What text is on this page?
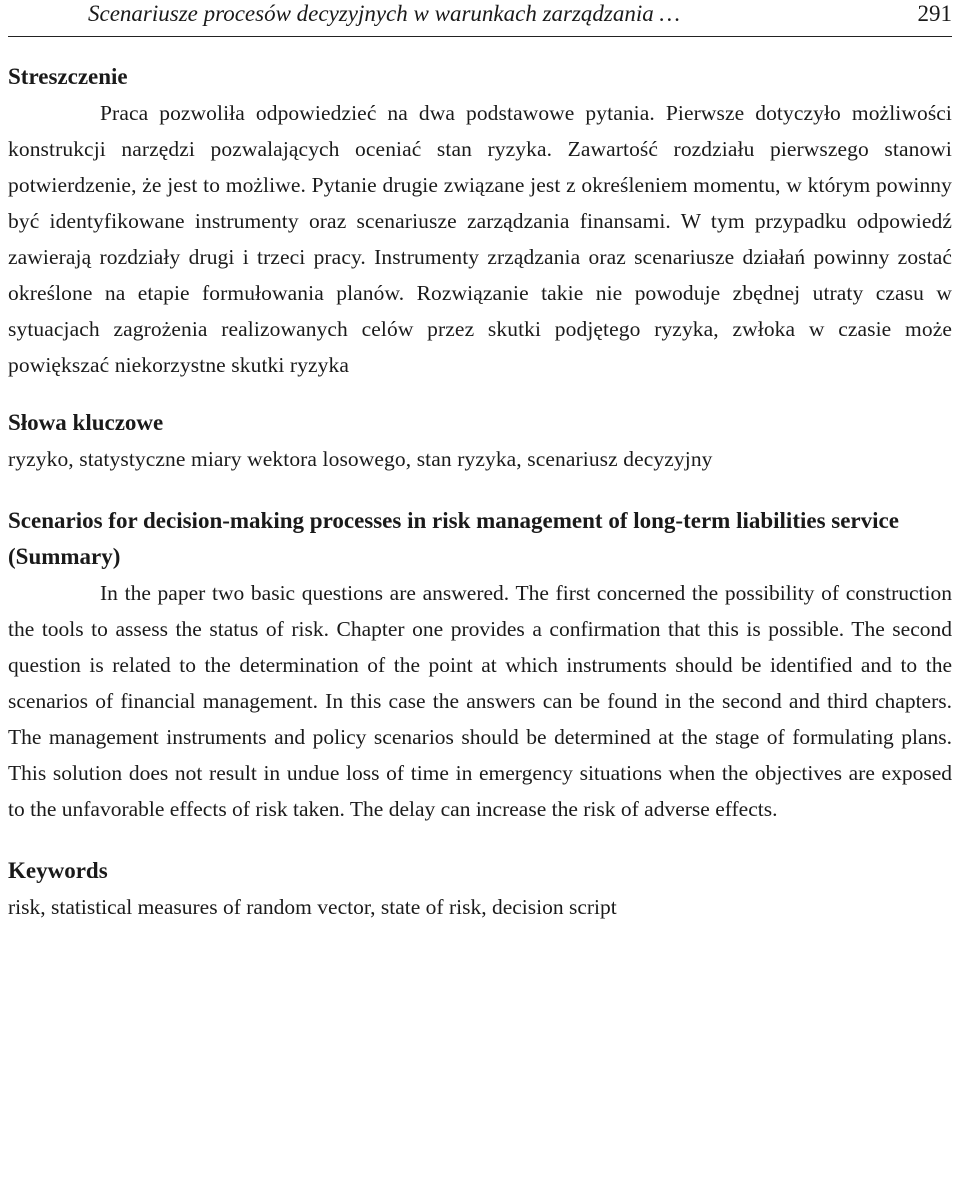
Scenariusze procesów decyzyjnych w warunkach zarządzania …	291
Streszczenie

Praca pozwoliła odpowiedzieć na dwa podstawowe pytania. Pierwsze dotyczyło możliwości konstrukcji narzędzi pozwalających oceniać stan ryzyka. Zawartość rozdziału pierwszego stanowi potwierdzenie, że jest to możliwe. Pytanie drugie związane jest z określeniem momentu, w którym powinny być identyfikowane instrumenty oraz scenariusze zarządzania finansami. W tym przypadku odpowiedź zawierają rozdziały drugi i trzeci pracy. Instrumenty zrządzania oraz scenariusze działań powinny zostać określone na etapie formułowania planów. Rozwiązanie takie nie powoduje zbędnej utraty czasu w sytuacjach zagrożenia realizowanych celów przez skutki podjętego ryzyka, zwłoka w czasie może powiększać niekorzystne skutki ryzyka

Słowa kluczowe

ryzyko, statystyczne miary wektora losowego, stan ryzyka, scenariusz decyzyjny

Scenarios for decision-making processes in risk management of long-term liabilities service (Summary)

In the paper two basic questions are answered. The first concerned the possibility of construction the tools to assess the status of risk. Chapter one provides a confirmation that this is possible. The second question is related to the determination of the point at which instruments should be identified and to the scenarios of financial management. In this case the answers can be found in the second and third chapters. The management instruments and policy scenarios should be determined at the stage of formulating plans. This solution does not result in undue loss of time in emergency situations when the objectives are exposed to the unfavorable effects of risk taken. The delay can increase the risk of adverse effects.

Keywords

risk, statistical measures of random vector, state of risk, decision script
